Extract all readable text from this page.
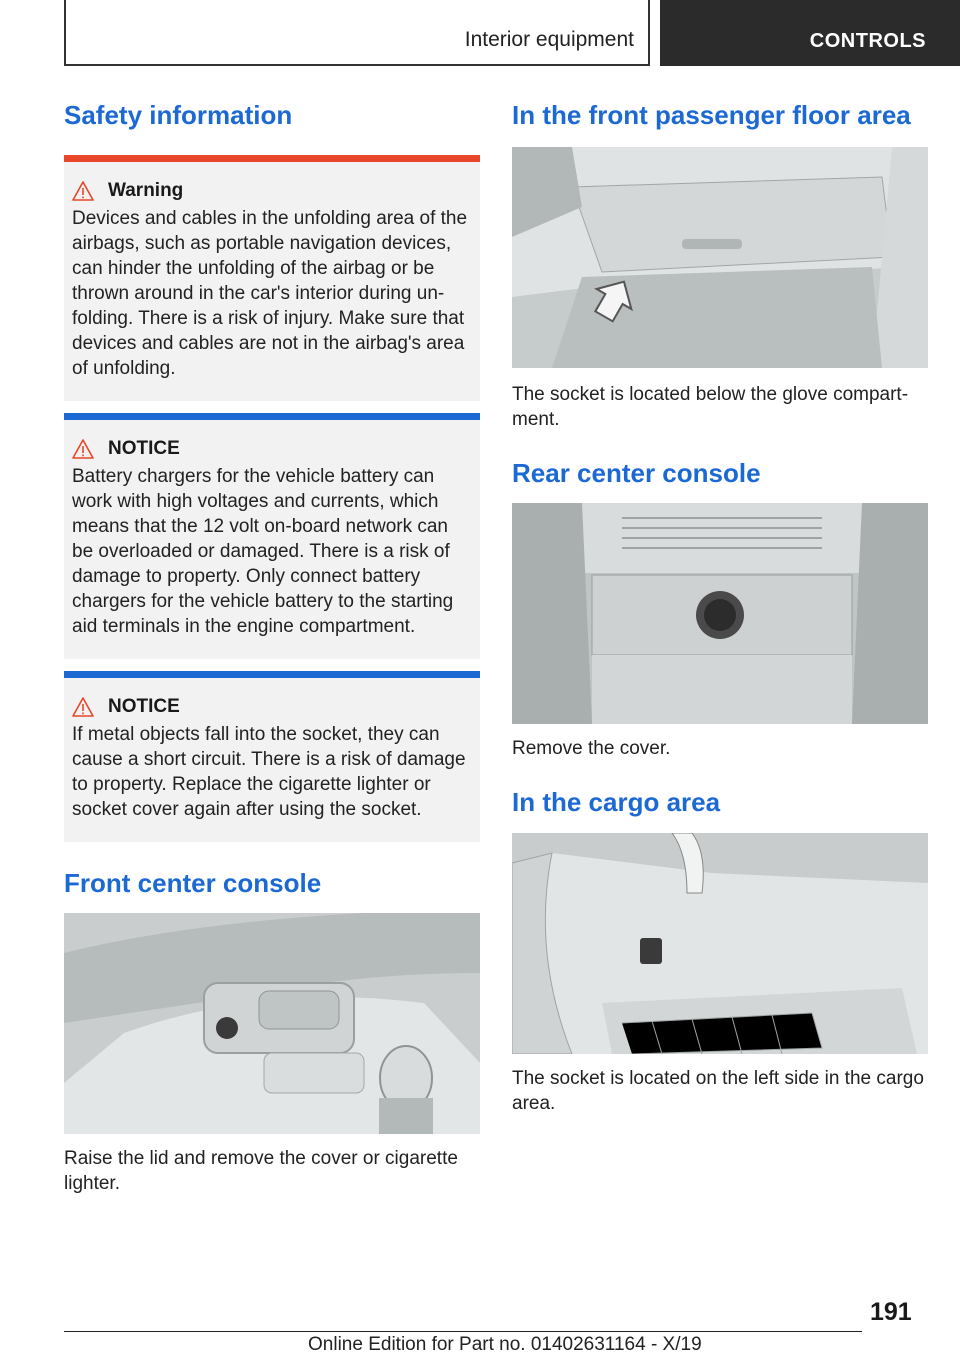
Interior equipment	CONTROLS
Safety information
Warning

Devices and cables in the unfolding area of the airbags, such as portable navigation devices, can hinder the unfolding of the airbag or be thrown around in the car's interior during un‐folding. There is a risk of injury. Make sure that devices and cables are not in the airbag's area of unfolding.

NOTICE

Battery chargers for the vehicle battery can work with high voltages and currents, which means that the 12 volt on-board network can be overloaded or damaged. There is a risk of damage to property. Only connect battery chargers for the vehicle battery to the starting aid terminals in the engine compartment.

NOTICE

If metal objects fall into the socket, they can cause a short circuit. There is a risk of damage to property. Replace the cigarette lighter or socket cover again after using the socket.

Front center console

Raise the lid and remove the cover or cigarette lighter.

In the front passenger floor area

The socket is located below the glove compart‐ment.

Rear center console

Remove the cover.

In the cargo area

The socket is located on the left side in the cargo area.

191
Online Edition for Part no. 01402631164 - X/19
